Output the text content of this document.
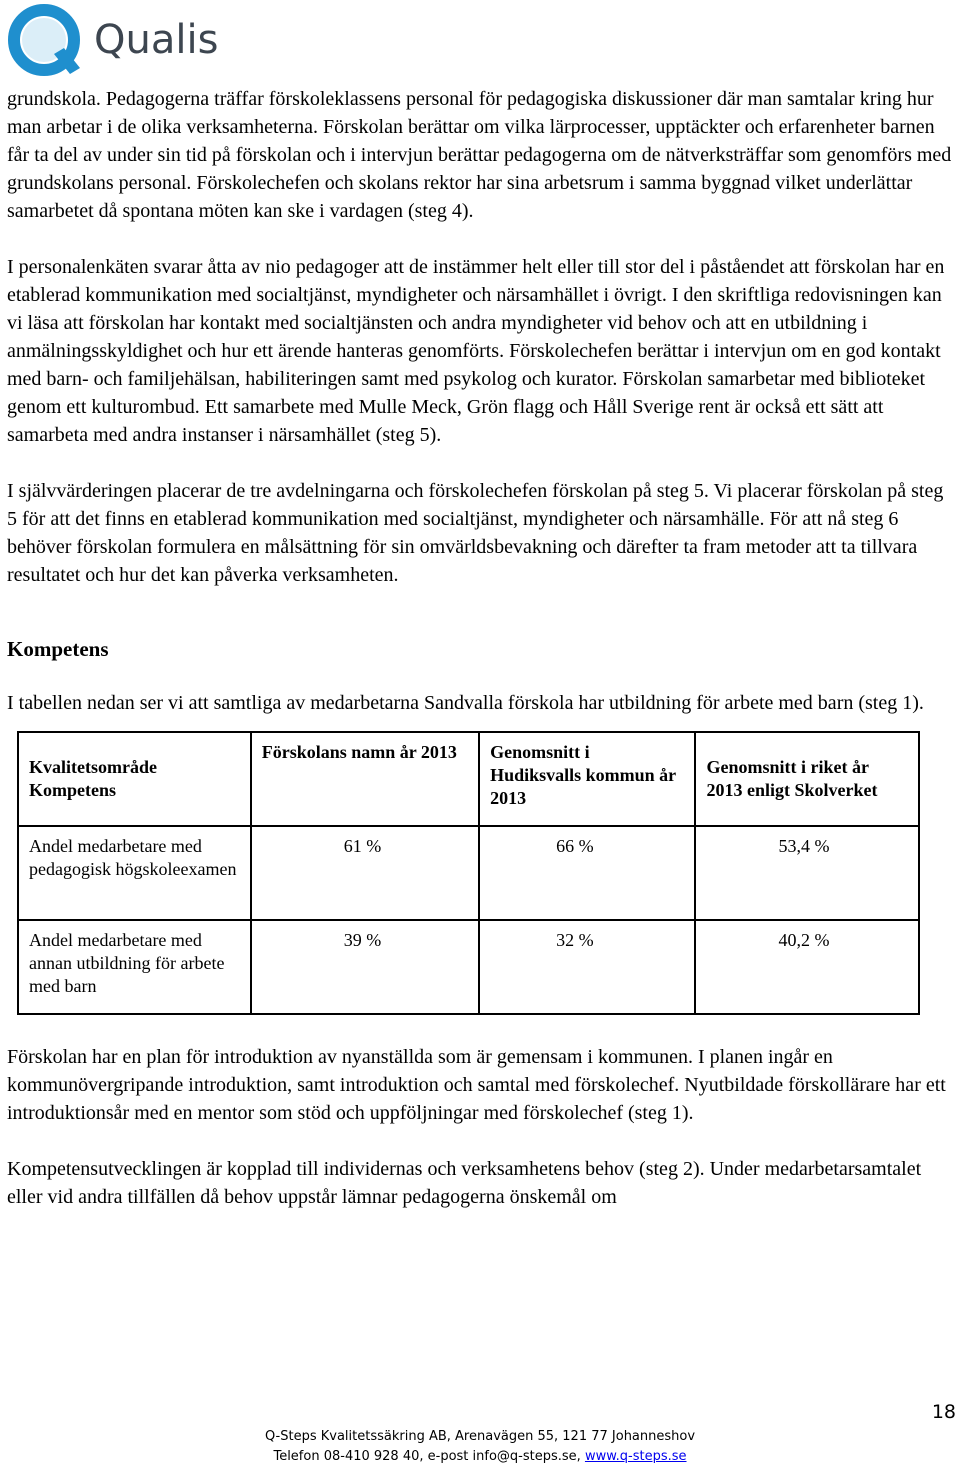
Qualis

grundskola. Pedagogerna träffar förskoleklassens personal för pedagogiska diskussioner där man samtalar kring hur man arbetar i de olika verksamheterna. Förskolan berättar om vilka lärprocesser, upptäckter och erfarenheter barnen får ta del av under sin tid på förskolan och i intervjun berättar pedagogerna om de nätverksträffar som genomförs med grundskolans personal. Förskolechefen och skolans rektor har sina arbetsrum i samma byggnad vilket underlättar samarbetet då spontana möten kan ske i vardagen (steg 4).

I personalenkäten svarar åtta av nio pedagoger att de instämmer helt eller till stor del i påståendet att förskolan har en etablerad kommunikation med socialtjänst, myndigheter och närsamhället i övrigt. I den skriftliga redovisningen kan vi läsa att förskolan har kontakt med socialtjänsten och andra myndigheter vid behov och att en utbildning i anmälningsskyldighet och hur ett ärende hanteras genomförts. Förskolechefen berättar i intervjun om en god kontakt med barn- och familjehälsan, habiliteringen samt med psykolog och kurator. Förskolan samarbetar med biblioteket genom ett kulturombud. Ett samarbete med Mulle Meck, Grön flagg och Håll Sverige rent är också ett sätt att samarbeta med andra instanser i närsamhället (steg 5).

I självvärderingen placerar de tre avdelningarna och förskolechefen förskolan på steg 5. Vi placerar förskolan på steg 5 för att det finns en etablerad kommunikation med socialtjänst, myndigheter och närsamhälle. För att nå steg 6 behöver förskolan formulera en målsättning för sin omvärldsbevakning och därefter ta fram metoder att ta tillvara resultatet och hur det kan påverka verksamheten.

Kompetens

I tabellen nedan ser vi att samtliga av medarbetarna Sandvalla förskola har utbildning för arbete med barn (steg 1).

Kvalitetsområde Kompetens	Förskolans namn år 2013	Genomsnitt i Hudiksvalls kommun år 2013	Genomsnitt i riket år 2013 enligt Skolverket
Andel medarbetare med pedagogisk högskoleexamen	61 %	66 %	53,4 %

Andel medarbetare med annan utbildning för arbete med barn	39 %	32 %	40,2 %

Förskolan har en plan för introduktion av nyanställda som är gemensam i kommunen. I planen ingår en kommunövergripande introduktion, samt introduktion och samtal med förskolechef. Nyutbildade förskollärare har ett introduktionsår med en mentor som stöd och uppföljningar med förskolechef (steg 1).

Kompetensutvecklingen är kopplad till individernas och verksamhetens behov (steg 2). Under medarbetarsamtalet eller vid andra tillfällen då behov uppstår lämnar pedagogerna önskemål om

18
Q-Steps Kvalitetssäkring AB, Arenavägen 55, 121 77 Johanneshov
Telefon 08-410 928 40, e-post info@q-steps.se, www.q-steps.se
